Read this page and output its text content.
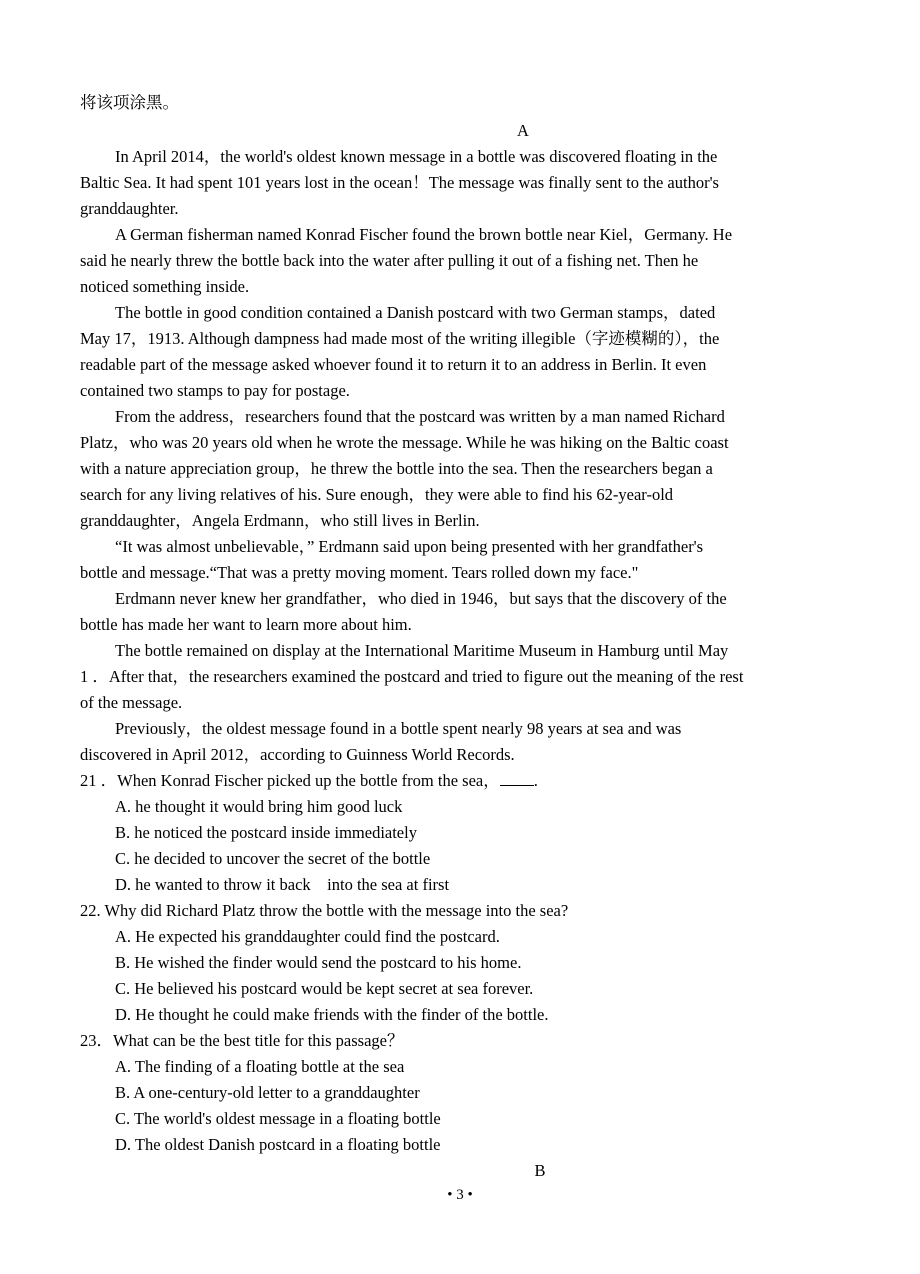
将该项涂黑。
A
In April 2014，the world's oldest known message in a bottle was discovered floating in the
Baltic Sea. It had spent 101 years lost in the ocean！The message was finally sent to the author's
granddaughter.
A German fisherman named Konrad Fischer found the brown bottle near Kiel，Germany. He
said he nearly threw the bottle back into the water after pulling it out of a fishing net. Then he
noticed something inside.
The bottle in good condition contained a Danish postcard with two German stamps，dated
May 17，1913. Although dampness had made most of the writing illegible（字迹模糊的），the
readable part of the message asked whoever found it to return it to an address in Berlin. It even
contained two stamps to pay for postage.
From the address，researchers found that the postcard was written by a man named Richard
Platz，who was 20 years old when he wrote the message. While he was hiking on the Baltic coast
with a nature appreciation group，he threw the bottle into the sea. Then the researchers began a
search for any living relatives of his. Sure enough，they were able to find his 62-year-old
granddaughter，Angela Erdmann，who still lives in Berlin.
“It was almost unbelievable，” Erdmann said upon being presented with her grandfather's
bottle and message.“That was a pretty moving moment. Tears rolled down my face."
Erdmann never knew her grandfather，who died in 1946，but says that the discovery of the
bottle has made her want to learn more about him.
The bottle remained on display at the International Maritime Museum in Hamburg until May
1 ．After that，the researchers examined the postcard and tried to figure out the meaning of the rest
of the message.
Previously，the oldest message found in a bottle spent nearly 98 years at sea and was
discovered in April 2012，according to Guinness World Records.
21 ．When Konrad Fischer picked up the bottle from the sea， .
A. he thought it would bring him good luck
B. he noticed the postcard inside immediately
C. he decided to uncover the secret of the bottle
D. he wanted to throw it back    into the sea at first
22. Why did Richard Platz throw the bottle with the message into the sea?
A. He expected his granddaughter could find the postcard.
B. He wished the finder would send the postcard to his home.
C. He believed his postcard would be kept secret at sea forever.
D. He thought he could make friends with the finder of the bottle.
23．What can be the best title for this passage？
A. The finding of a floating bottle at the sea
B. A one-century-old letter to a granddaughter
C. The world's oldest message in a floating bottle
D. The oldest Danish postcard in a floating bottle
B
• 3 •
